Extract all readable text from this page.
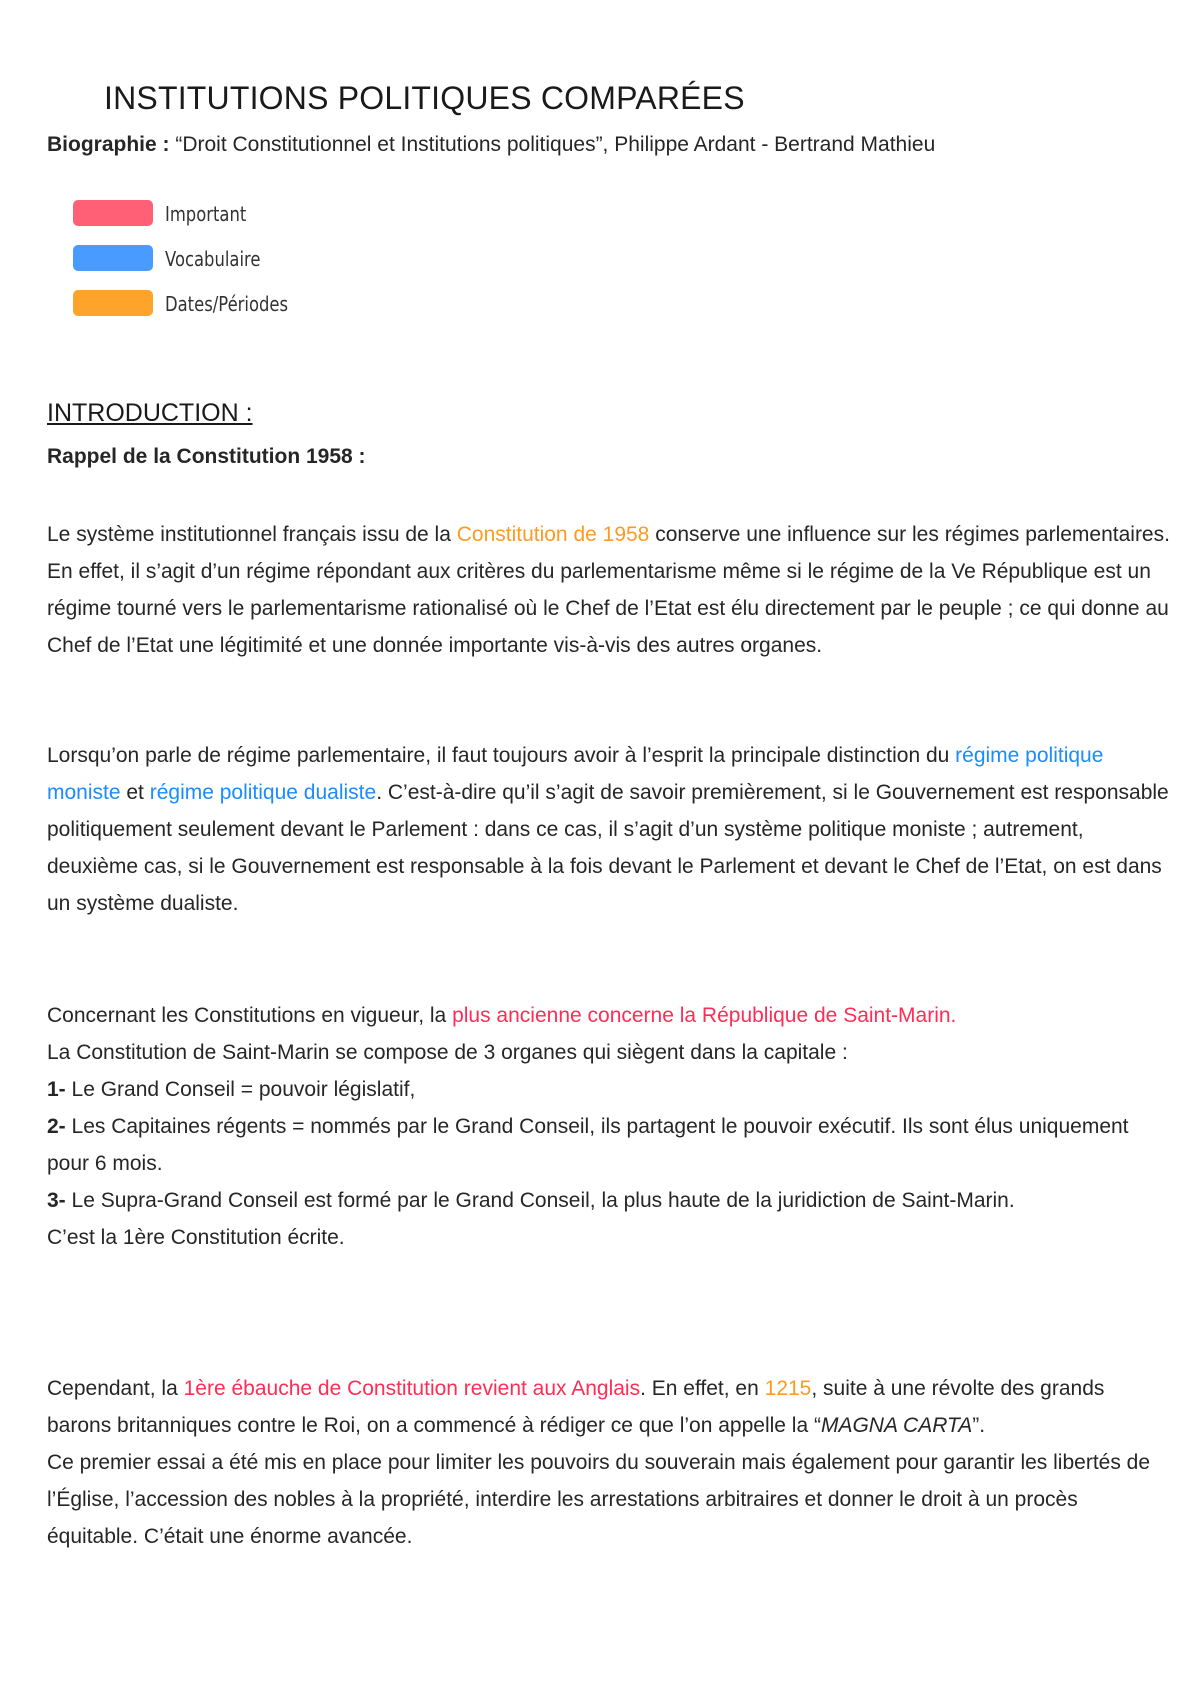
INSTITUTIONS POLITIQUES COMPARÉES
Biographie : “Droit Constitutionnel et Institutions politiques”, Philippe Ardant - Bertrand Mathieu
Important
Vocabulaire
Dates/Périodes
INTRODUCTION :
Rappel de la Constitution 1958 :

Le système institutionnel français issu de la Constitution de 1958 conserve une influence sur les régimes parlementaires. En effet, il s’agit d’un régime répondant aux critères du parlementarisme même si le régime de la Ve République est un régime tourné vers le parlementarisme rationalisé où le Chef de l’Etat est élu directement par le peuple ; ce qui donne au Chef de l’Etat une légitimité et une donnée importante vis-à-vis des autres organes.

Lorsqu’on parle de régime parlementaire, il faut toujours avoir à l’esprit la principale distinction du régime politique moniste et régime politique dualiste. C’est-à-dire qu’il s’agit de savoir premièrement, si le Gouvernement est responsable politiquement seulement devant le Parlement : dans ce cas, il s’agit d’un système politique moniste ; autrement, deuxième cas, si le Gouvernement est responsable à la fois devant le Parlement et devant le Chef de l’Etat, on est dans un système dualiste.

Concernant les Constitutions en vigueur, la plus ancienne concerne la République de Saint-Marin.
La Constitution de Saint-Marin se compose de 3 organes qui siègent dans la capitale :
1- Le Grand Conseil = pouvoir législatif,
2- Les Capitaines régents = nommés par le Grand Conseil, ils partagent le pouvoir exécutif. Ils sont élus uniquement pour 6 mois.
3- Le Supra-Grand Conseil est formé par le Grand Conseil, la plus haute de la juridiction de Saint-Marin.
C’est la 1ère Constitution écrite.

Cependant, la 1ère ébauche de Constitution revient aux Anglais. En effet, en 1215, suite à une révolte des grands barons britanniques contre le Roi, on a commencé à rédiger ce que l’on appelle la “MAGNA CARTA”.
Ce premier essai a été mis en place pour limiter les pouvoirs du souverain mais également pour garantir les libertés de l’Église, l’accession des nobles à la propriété, interdire les arrestations arbitraires et donner le droit à un procès équitable. C’était une énorme avancée.
